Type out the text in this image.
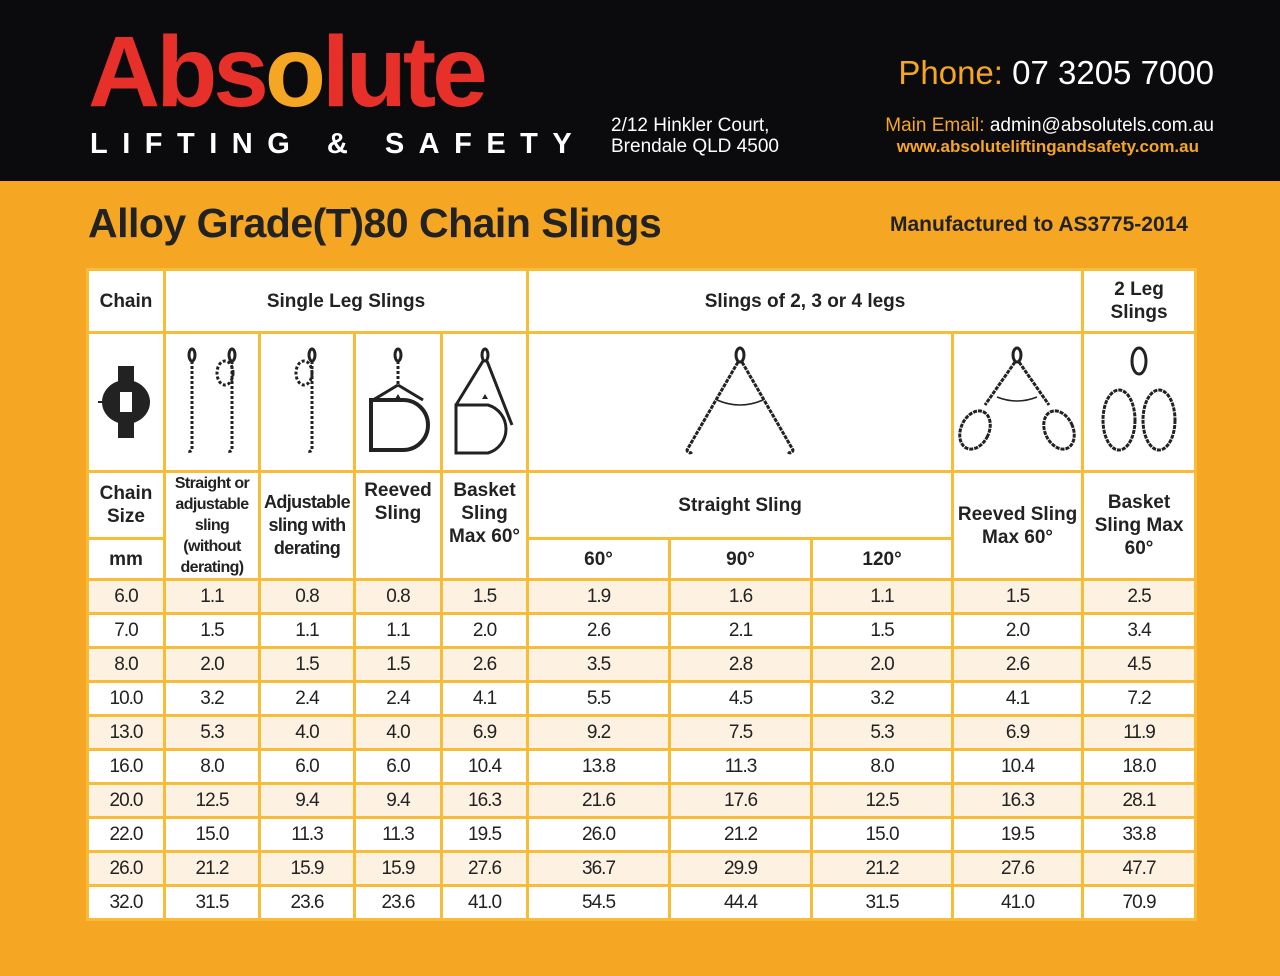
Absolute
LIFTING & SAFETY
2/12 Hinkler Court,
Brendale QLD 4500
Phone: 07 3205 7000
Main Email: admin@absolutels.com.au
www.absoluteliftingandsafety.com.au
Alloy Grade(T)80 Chain Slings	Manufactured to AS3775-2014
Chain	Single Leg Slings				Slings of 2, 3 or 4 legs				2 Leg Slings

Chain Size	Straight or adjustable sling (without derating)	Adjustable sling with derating	Reeved Sling	Basket Sling Max 60°	Straight Sling			Reeved Sling Max 60°	Basket Sling Max 60°
mm					60°	90°	120°		
6.0	1.1	0.8	0.8	1.5	1.9	1.6	1.1	1.5	2.5
7.0	1.5	1.1	1.1	2.0	2.6	2.1	1.5	2.0	3.4
8.0	2.0	1.5	1.5	2.6	3.5	2.8	2.0	2.6	4.5
10.0	3.2	2.4	2.4	4.1	5.5	4.5	3.2	4.1	7.2
13.0	5.3	4.0	4.0	6.9	9.2	7.5	5.3	6.9	11.9
16.0	8.0	6.0	6.0	10.4	13.8	11.3	8.0	10.4	18.0
20.0	12.5	9.4	9.4	16.3	21.6	17.6	12.5	16.3	28.1
22.0	15.0	11.3	11.3	19.5	26.0	21.2	15.0	19.5	33.8
26.0	21.2	15.9	15.9	27.6	36.7	29.9	21.2	27.6	47.7
32.0	31.5	23.6	23.6	41.0	54.5	44.4	31.5	41.0	70.9
